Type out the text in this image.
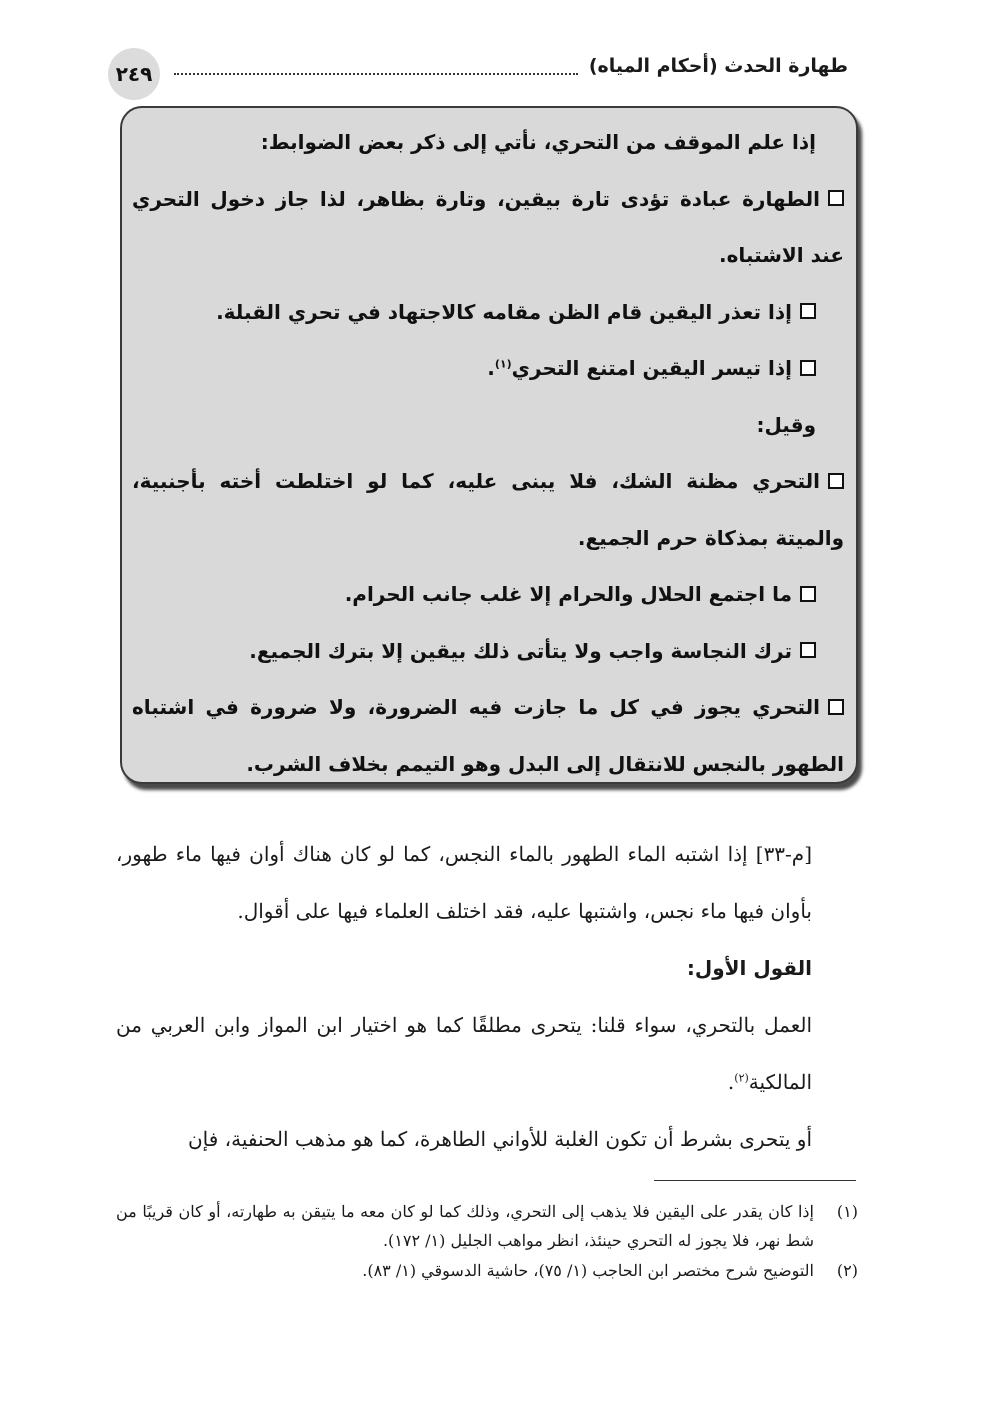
٢٤٩	طهارة الحدث (أحكام المياه)

إذا علم الموقف من التحري، نأتي إلى ذكر بعض الضوابط:

الطهارة عبادة تؤدى تارة بيقين، وتارة بظاهر، لذا جاز دخول التحري عند الاشتباه.

إذا تعذر اليقين قام الظن مقامه كالاجتهاد في تحري القبلة.

إذا تيسر اليقين امتنع التحري$^{(١)}$.

وقيل:

التحري مظنة الشك، فلا يبنى عليه، كما لو اختلطت أخته بأجنبية، والميتة بمذكاة حرم الجميع.

ما اجتمع الحلال والحرام إلا غلب جانب الحرام.

ترك النجاسة واجب ولا يتأتى ذلك بيقين إلا بترك الجميع.

التحري يجوز في كل ما جازت فيه الضرورة، ولا ضرورة في اشتباه الطهور بالنجس للانتقال إلى البدل وهو التيمم بخلاف الشرب.

[م-٣٣] إذا اشتبه الماء الطهور بالماء النجس، كما لو كان هناك أوان فيها ماء طهور، بأوان فيها ماء نجس، واشتبها عليه، فقد اختلف العلماء فيها على أقوال.

القول الأول:

العمل بالتحري، سواء قلنا: يتحرى مطلقًا كما هو اختيار ابن المواز وابن العربي من المالكية$^{(٢)}$.

أو يتحرى بشرط أن تكون الغلبة للأواني الطاهرة، كما هو مذهب الحنفية، فإن

(١)
إذا كان يقدر على اليقين فلا يذهب إلى التحري، وذلك كما لو كان معه ما يتيقن به طهارته، أو كان قريبًا من شط نهر، فلا يجوز له التحري حينئذ، انظر مواهب الجليل (١/ ١٧٢).
(٢)
التوضيح شرح مختصر ابن الحاجب (١/ ٧٥)، حاشية الدسوقي (١/ ٨٣).
